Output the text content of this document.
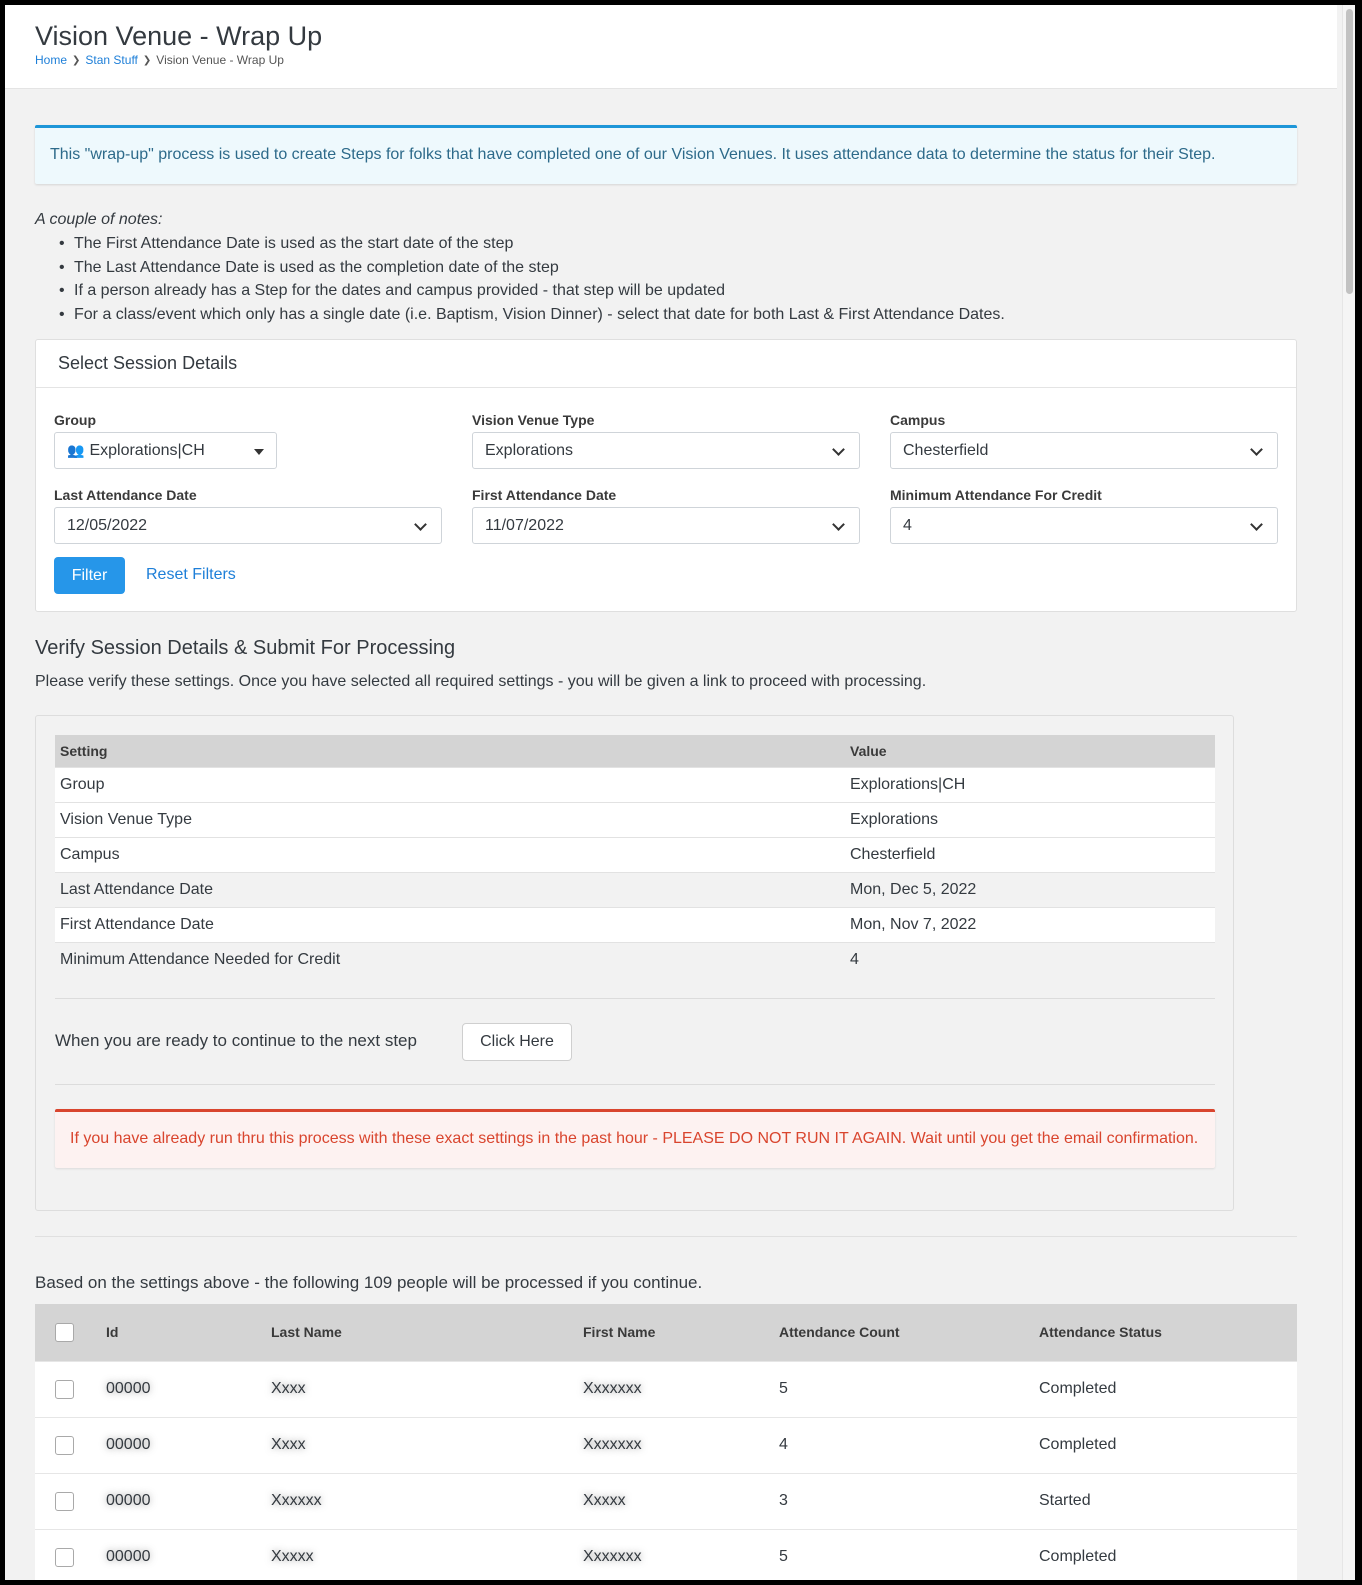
Vision Venue - Wrap Up
Home ❯ Stan Stuff ❯ Vision Venue - Wrap Up
This "wrap-up" process is used to create Steps for folks that have completed one of our Vision Venues. It uses attendance data to determine the status for their Step.
A couple of notes:
• The First Attendance Date is used as the start date of the step
• The Last Attendance Date is used as the completion date of the step
• If a person already has a Step for the dates and campus provided - that step will be updated
• For a class/event which only has a single date (i.e. Baptism, Vision Dinner) - select that date for both Last & First Attendance Dates.
Select Session Details
Group
👥 Explorations|CH
Vision Venue Type
Explorations
Campus
Chesterfield
Last Attendance Date
12/05/2022
First Attendance Date
11/07/2022
Minimum Attendance For Credit
4
Filter	Reset Filters
Verify Session Details & Submit For Processing
Please verify these settings. Once you have selected all required settings - you will be given a link to proceed with processing.
Setting	Value
Group	Explorations|CH
Vision Venue Type	Explorations
Campus	Chesterfield
Last Attendance Date	Mon, Dec 5, 2022
First Attendance Date	Mon, Nov 7, 2022
Minimum Attendance Needed for Credit	4
When you are ready to continue to the next step	Click Here
If you have already run thru this process with these exact settings in the past hour - PLEASE DO NOT RUN IT AGAIN. Wait until you get the email confirmation.
Based on the settings above - the following 109 people will be processed if you continue.
	Id	Last Name	First Name	Attendance Count	Attendance Status
	00000	Xxxx	Xxxxxxx	5	Completed
	00000	Xxxx	Xxxxxxx	4	Completed
	00000	Xxxxxx	Xxxxx	3	Started
	00000	Xxxxx	Xxxxxxx	5	Completed
